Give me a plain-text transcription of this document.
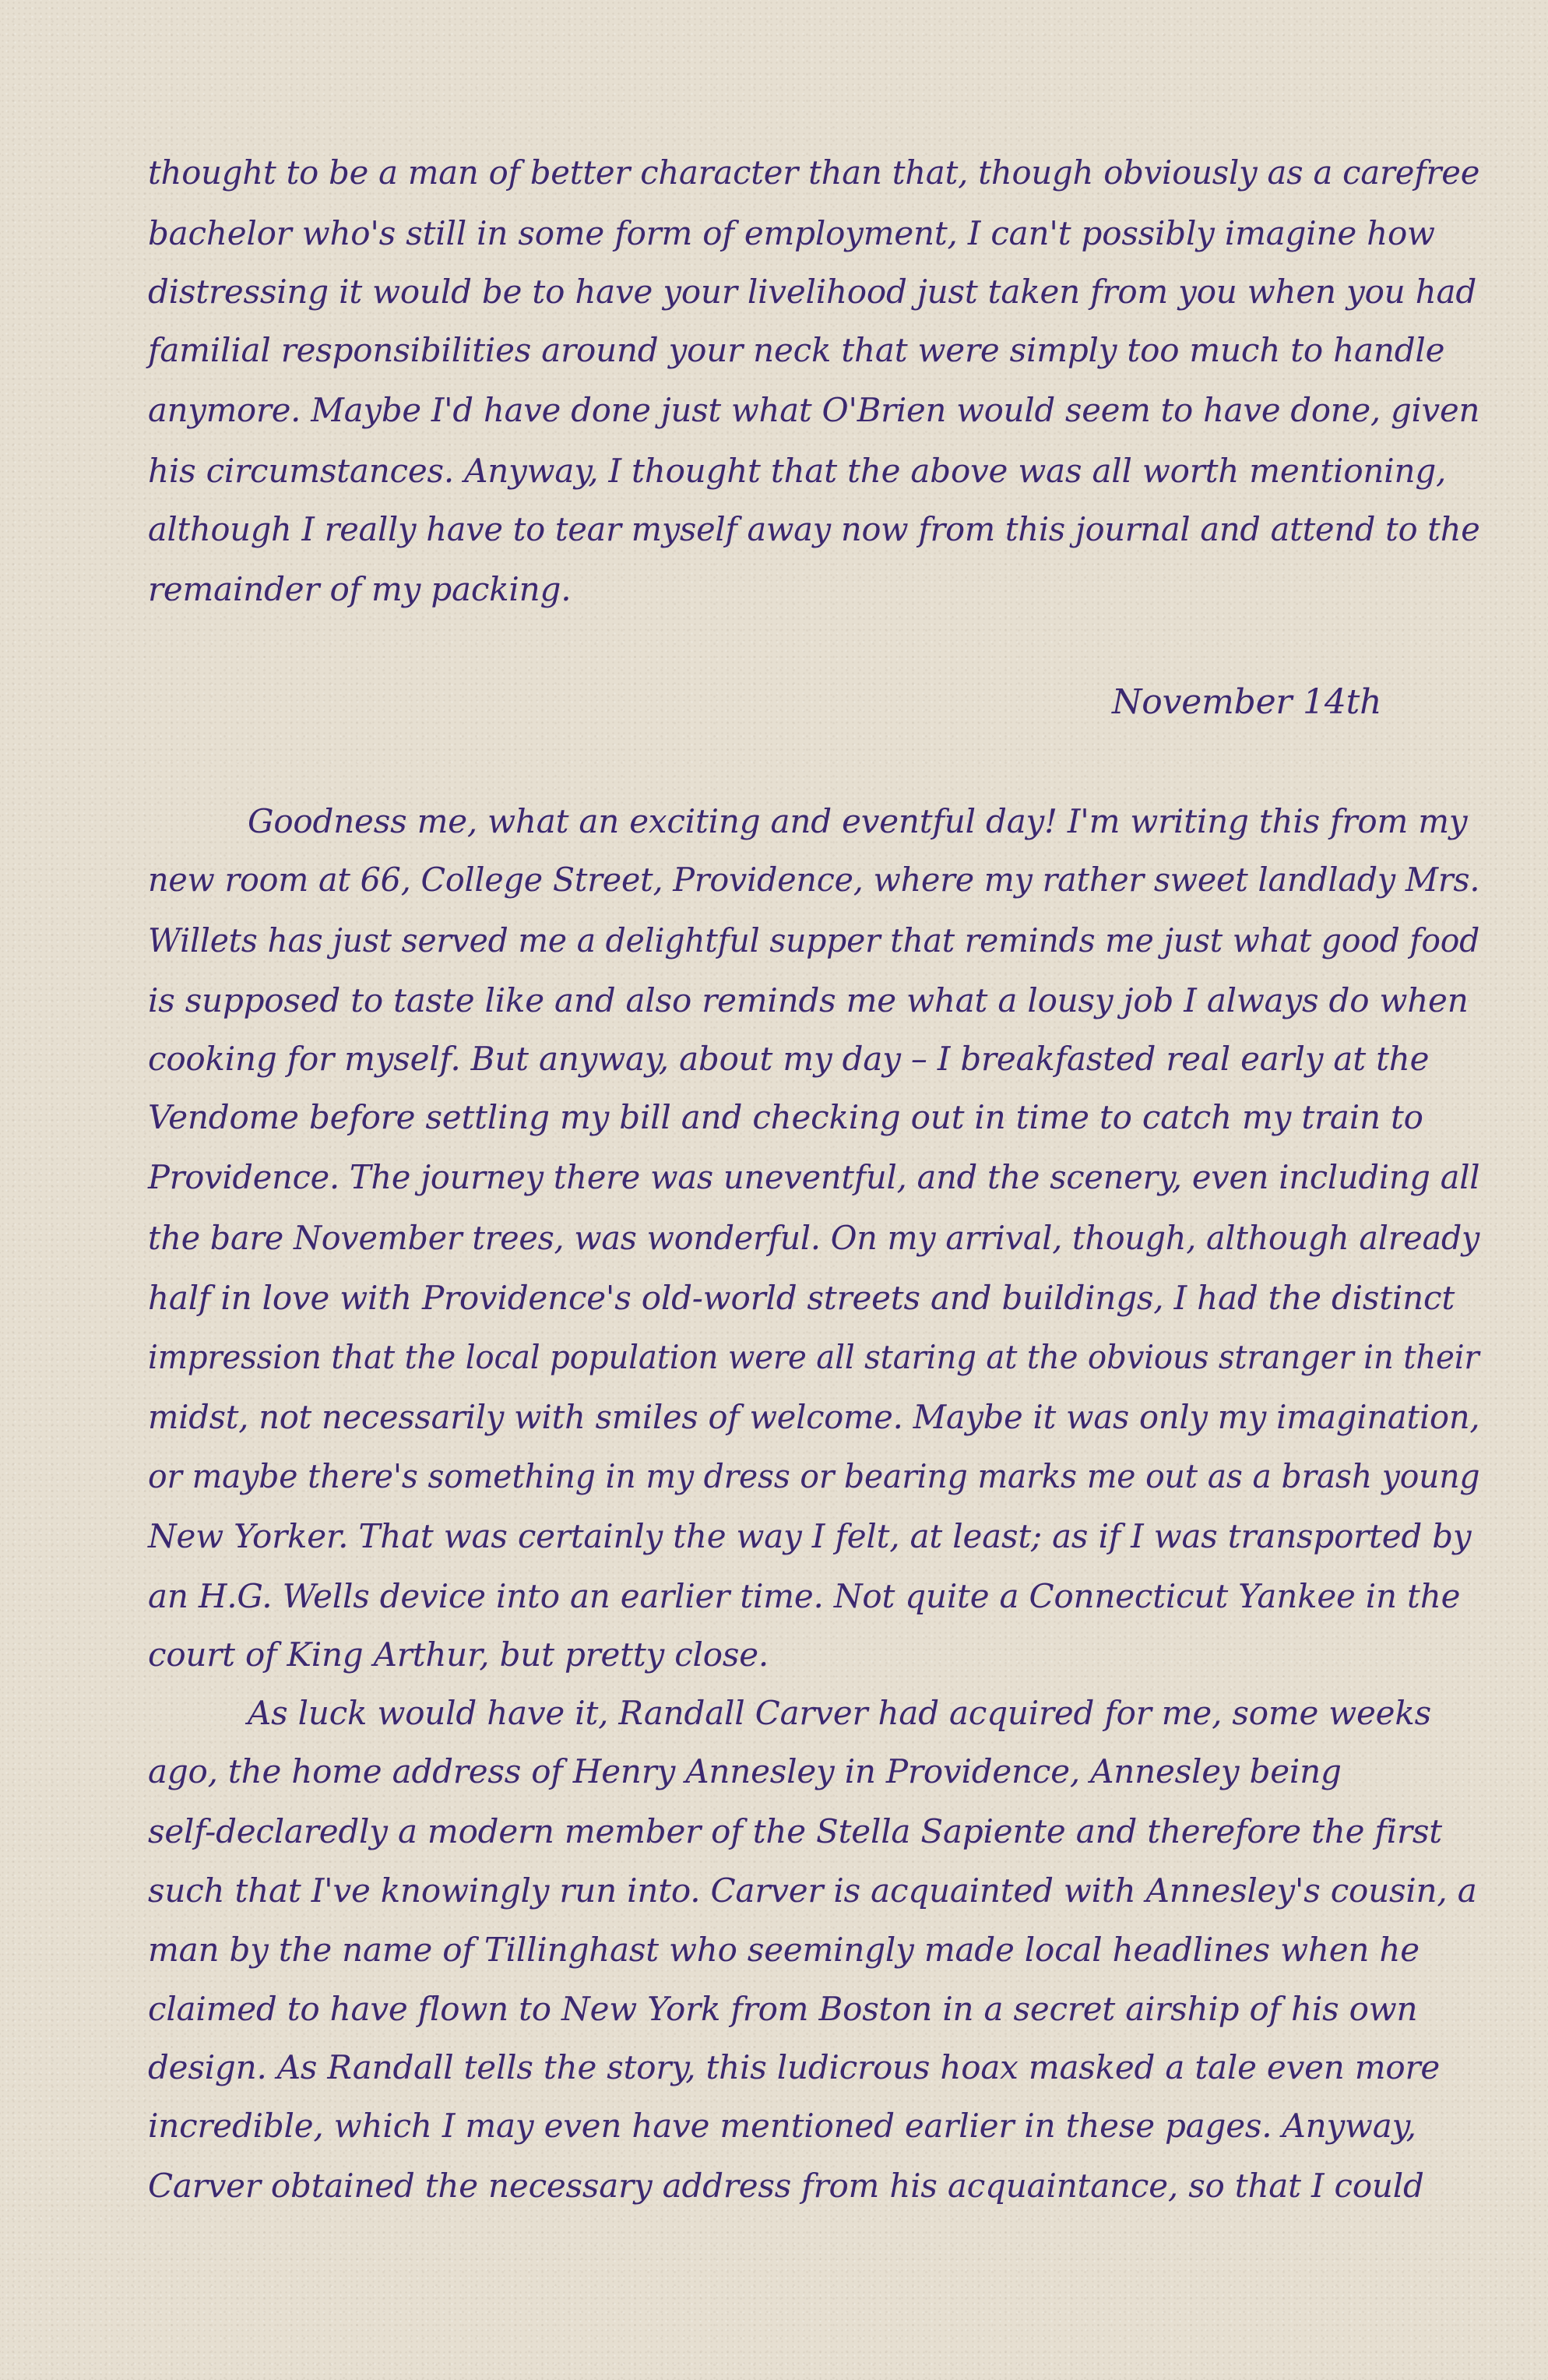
thought to be a man of better character than that, though obviously as a carefree

bachelor who's still in some form of employment, I can't possibly imagine how

distressing it would be to have your livelihood just taken from you when you had

familial responsibilities around your neck that were simply too much to handle

anymore. Maybe I'd have done just what O'Brien would seem to have done, given

his circumstances. Anyway, I thought that the above was all worth mentioning,

although I really have to tear myself away now from this journal and attend to the

remainder of my packing.

November 14th

Goodness me, what an exciting and eventful day! I'm writing this from my

new room at 66, College Street, Providence, where my rather sweet landlady Mrs.

Willets has just served me a delightful supper that reminds me just what good food

is supposed to taste like and also reminds me what a lousy job I always do when

cooking for myself. But anyway, about my day – I breakfasted real early at the

Vendome before settling my bill and checking out in time to catch my train to

Providence. The journey there was uneventful, and the scenery, even including all

the bare November trees, was wonderful. On my arrival, though, although already

half in love with Providence's old-world streets and buildings, I had the distinct

impression that the local population were all staring at the obvious stranger in their

midst, not necessarily with smiles of welcome. Maybe it was only my imagination,

or maybe there's something in my dress or bearing marks me out as a brash young

New Yorker. That was certainly the way I felt, at least; as if I was transported by

an H.G. Wells device into an earlier time. Not quite a Connecticut Yankee in the

court of King Arthur, but pretty close.

As luck would have it, Randall Carver had acquired for me, some weeks

ago, the home address of Henry Annesley in Providence, Annesley being

self-declaredly a modern member of the Stella Sapiente and therefore the first

such that I've knowingly run into. Carver is acquainted with Annesley's cousin, a

man by the name of Tillinghast who seemingly made local headlines when he

claimed to have flown to New York from Boston in a secret airship of his own

design. As Randall tells the story, this ludicrous hoax masked a tale even more

incredible, which I may even have mentioned earlier in these pages. Anyway,

Carver obtained the necessary address from his acquaintance, so that I could
